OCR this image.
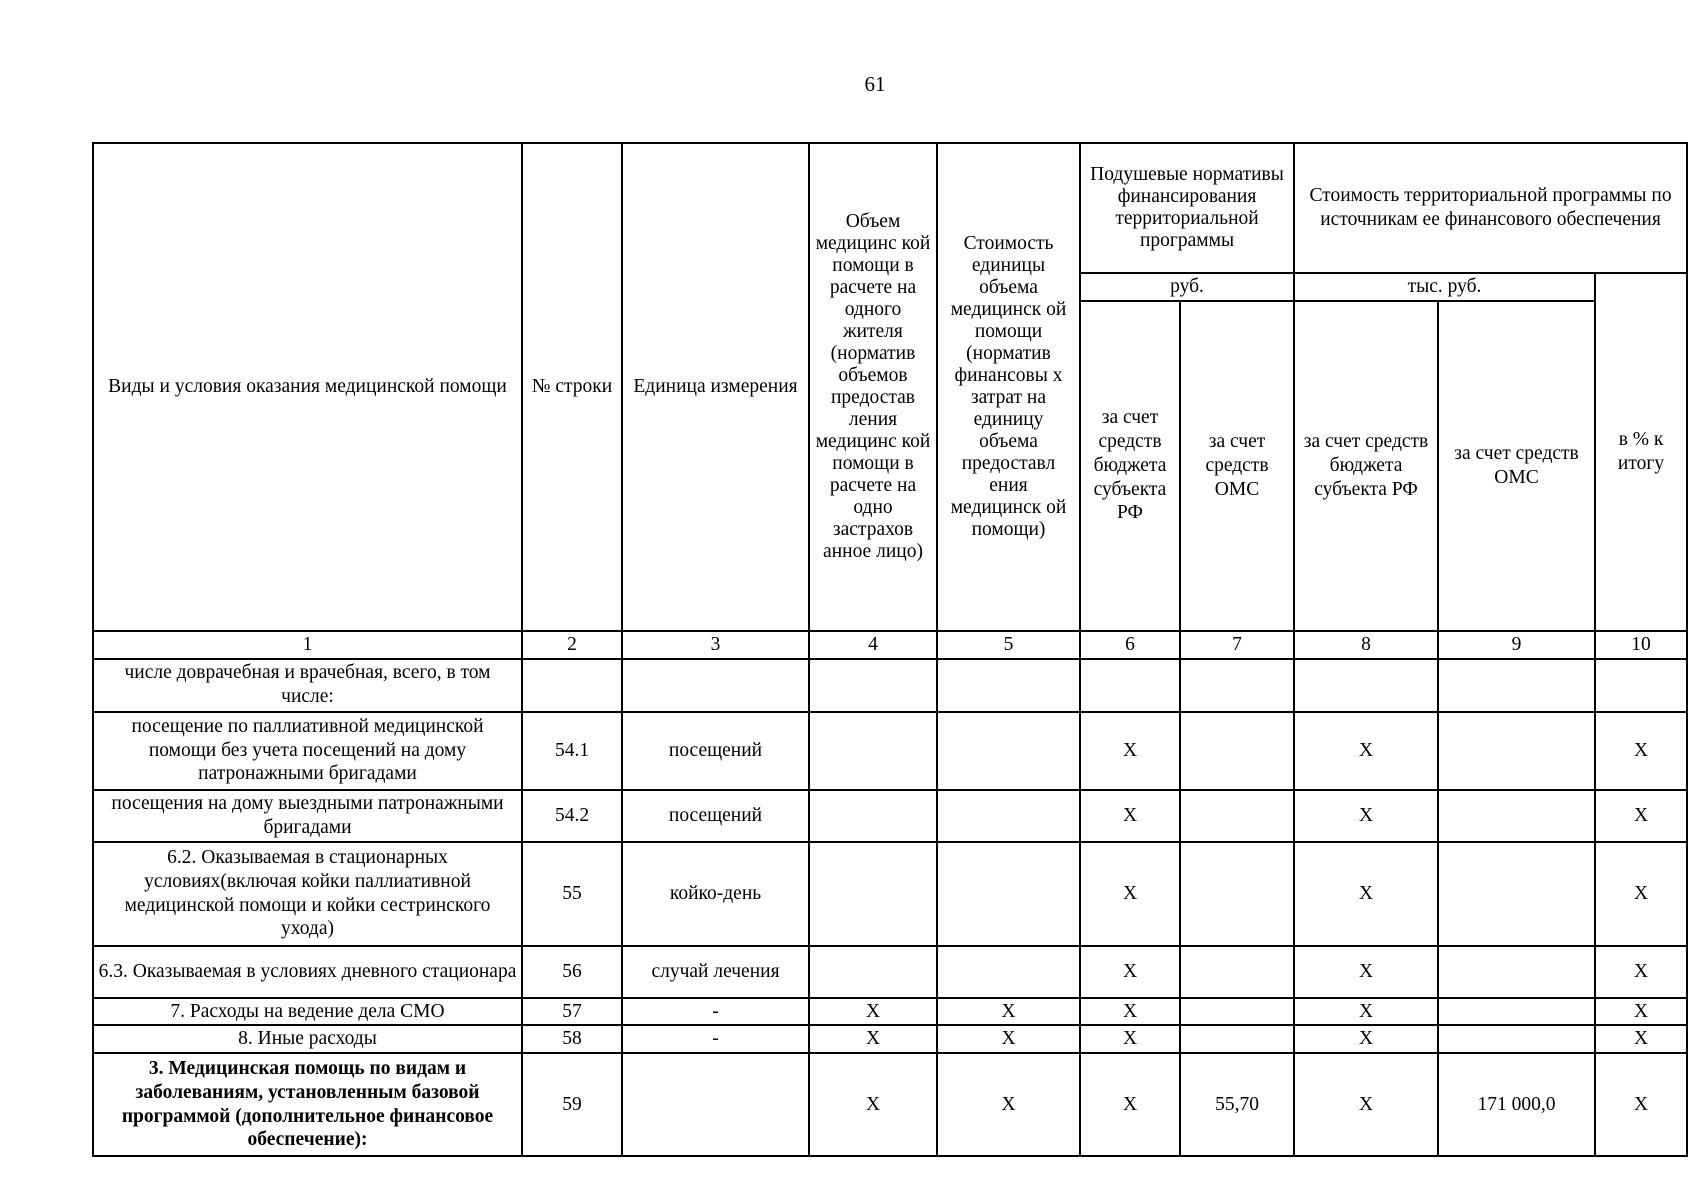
61
Виды и условия оказания медицинской помощи	№ строки	Единица измерения	Объем медицинс кой помощи в расчете на одного жителя (норматив объемов предостав ления медицинс кой помощи в расчете на одно застрахов анное лицо)	Стоимость единицы объема медицинск ой помощи (норматив финансовы х затрат на единицу объема предоставл ения медицинск ой помощи)	Подушевые нормативы финансирования территориальной программы		Стоимость территориальной программы по источникам ее финансового обеспечения		
					руб.		тыс. руб.		в % к итогу
					за счет средств бюджета субъекта РФ	за счет средств ОМС	за счет средств бюджета субъекта РФ	за счет средств ОМС	
1	2	3	4	5	6	7	8	9	10
числе доврачебная и врачебная, всего, в том числе:									
посещение по паллиативной медицинской помощи без учета посещений на дому патронажными бригадами	54.1	посещений			X		X		X
посещения на дому выездными патронажными бригадами	54.2	посещений			X		X		X
6.2. Оказываемая в стационарных условиях(включая койки паллиативной медицинской помощи и койки сестринского ухода)	55	койко-день			X		X		X
6.3. Оказываемая в условиях дневного стационара	56	случай лечения			X		X		X
7. Расходы на ведение дела СМО	57	-	X	X	X		X		X
8. Иные расходы	58	-	X	X	X		X		X
3. Медицинская помощь по видам и заболеваниям, установленным базовой программой (дополнительное финансовое обеспечение):	59		X	X	X	55,70	X	171 000,0	X
